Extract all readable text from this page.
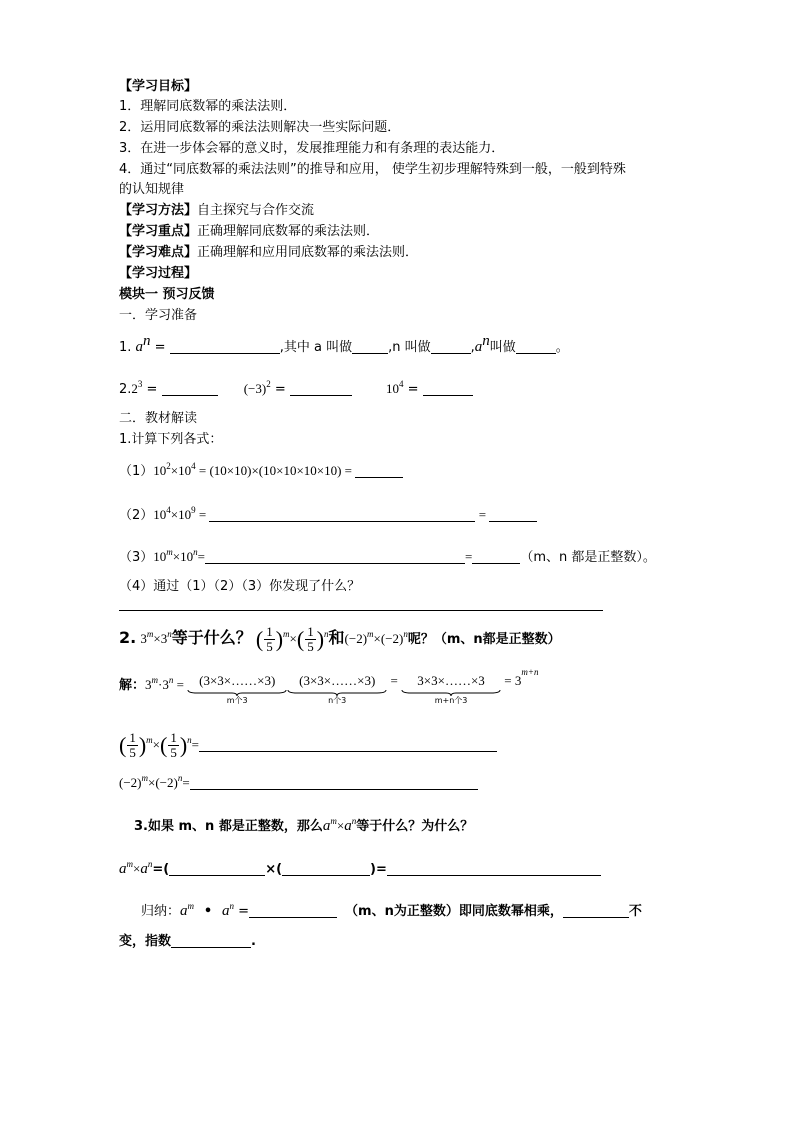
【学习目标】
1．理解同底数幂的乘法法则．
2．运用同底数幂的乘法法则解决一些实际问题．
3．在进一步体会幂的意义时，发展推理能力和有条理的表达能力．
4．通过“同底数幂的乘法法则”的推导和应用， 使学生初步理解特殊到一般，一般到特殊
的认知规律
【学习方法】自主探究与合作交流
【学习重点】正确理解同底数幂的乘法法则．
【学习难点】正确理解和应用同底数幂的乘法法则．
【学习过程】
模块一 预习反馈
一．学习准备
1. $a^n$ =	,其中 a 叫做	,n 叫做	$,a^n$叫做	。
$2.2^3$ =	$(-3)^2$ =	$10^4$ =
二．教材解读
1.计算下列各式：
$(1)10^2\times 10^4 = (10\times 10)\times(10\times 10\times 10\times 10)$ =
$(2)10^4\times 10^9$ =	=
$(3)10^m\times 10^n=$	=	（m、n 都是正整数）。
（4）通过（1）（2）（3）你发现了什么？
2. $3^m\times 3^n$等于什么？ ( $\frac{1}{5} )^m\times( \frac{1}{5} )^n$和$(-2)^m\times(-2)^n$呢？（m、n都是正整数）
解：$3^m\cdot 3^n$ = (3×3×……×3)
m个3
(3×3×……×3)
n个3
= 3×3×……×3
m+n个3
= $3^{m+n}$
( $\frac{1}{5} )^m\times( \frac{1}{5} )^n=$
$(-2)^m\times(-2)^n=$
3.如果 m、n 都是正整数，那么$a^m\times a^n$等于什么？为什么？
$a^m\times a^n=$(	×(	)=
归纳：$a^m$ • $a^n$ =	（m、n为正整数）即同底数幂相乘，	不
变，指数	.
